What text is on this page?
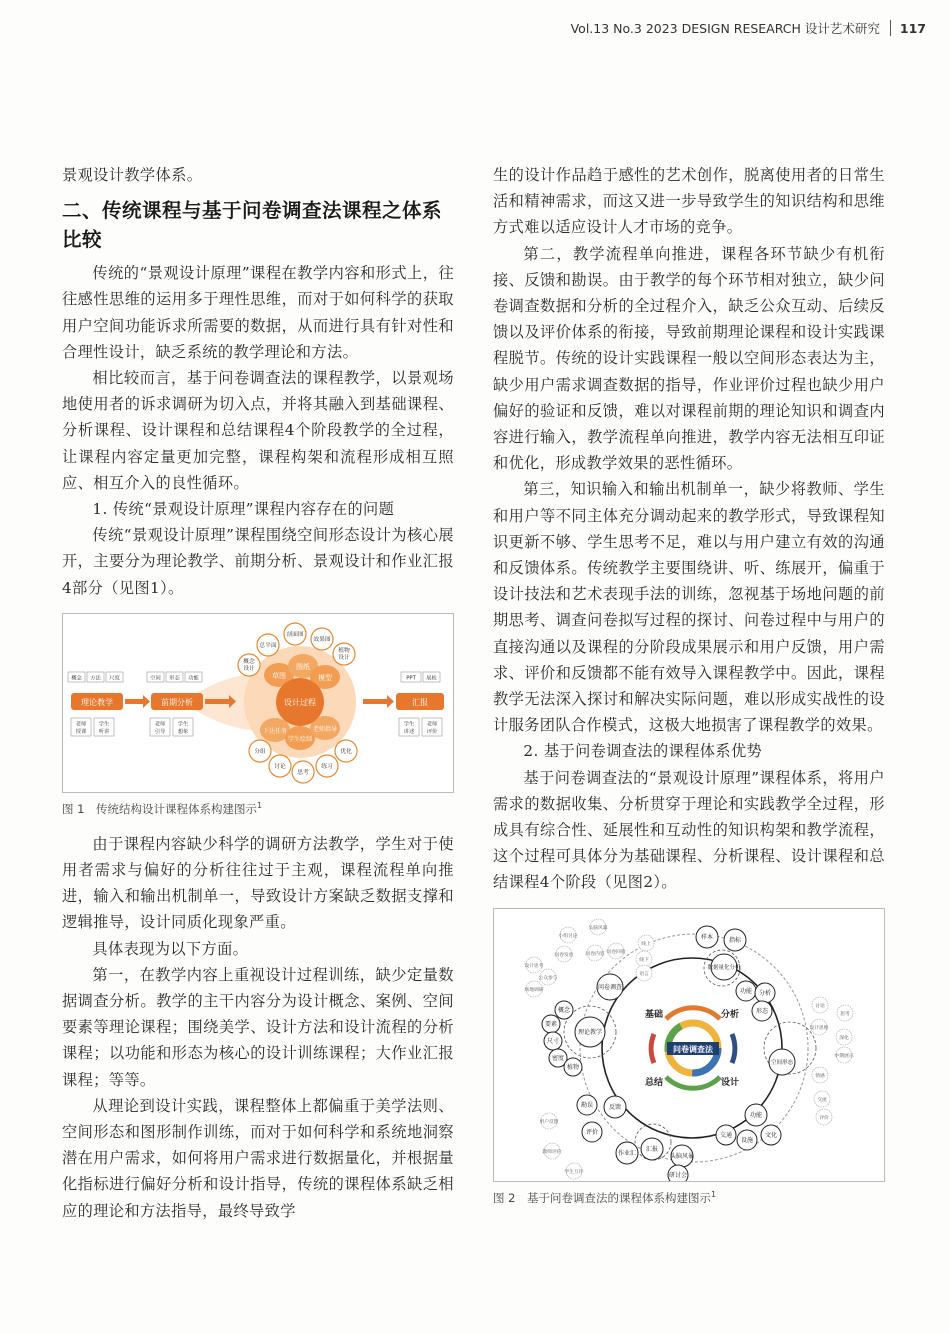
Vol.13 No.3 2023 DESIGN RESEARCH 设计艺术研究 117

景观设计教学体系。

二、传统课程与基于问卷调查法课程之体系比较

传统的“景观设计原理”课程在教学内容和形式上，往往感性思维的运用多于理性思维，而对于如何科学的获取用户空间功能诉求所需要的数据，从而进行具有针对性和合理性设计，缺乏系统的教学理论和方法。

相比较而言，基于问卷调查法的课程教学，以景观场地使用者的诉求调研为切入点，并将其融入到基础课程、分析课程、设计课程和总结课程4个阶段教学的全过程，让课程内容定量更加完整，课程构架和流程形成相互照应、相互介入的良性循环。

1. 传统“景观设计原理”课程内容存在的问题

传统“景观设计原理”课程围绕空间形态设计为核心展开，主要分为理论教学、前期分析、景观设计和作业汇报4部分（见图1）。

草图
图纸
模型
下达任务
学生绘制
老师指导
设计过程
总平面
剖面图
效果图
植物
设计
概念
设计
分组
讨论
思考
练习
优化
理论教学	前期分析	汇报
概念 方法 尺度	空间 形态 功能	PPT 展板
老师
授课
学生
听讲
老师
引导
学生
想象
学生
讲述
老师
评价
图 1　传统结构设计课程体系构建图示$^1$

由于课程内容缺少科学的调研方法教学，学生对于使用者需求与偏好的分析往往过于主观，课程流程单向推进，输入和输出机制单一，导致设计方案缺乏数据支撑和逻辑推导，设计同质化现象严重。

具体表现为以下方面。

第一，在教学内容上重视设计过程训练，缺少定量数据调查分析。教学的主干内容分为设计概念、案例、空间要素等理论课程；围绕美学、设计方法和设计流程的分析课程；以功能和形态为核心的设计训练课程；大作业汇报课程；等等。

从理论到设计实践，课程整体上都偏重于美学法则、空间形态和图形制作训练，而对于如何科学和系统地洞察潜在用户需求，如何将用户需求进行数据量化，并根据量化指标进行偏好分析和设计指导，传统的课程体系缺乏相应的理论和方法指导，最终导致学

生的设计作品趋于感性的艺术创作，脱离使用者的日常生活和精神需求，而这又进一步导致学生的知识结构和思维方式难以适应设计人才市场的竞争。

第二，教学流程单向推进，课程各环节缺少有机衔接、反馈和勘误。由于教学的每个环节相对独立，缺少问卷调查数据和分析的全过程介入，缺乏公众互动、后续反馈以及评价体系的衔接，导致前期理论课程和设计实践课程脱节。传统的设计实践课程一般以空间形态表达为主，缺少用户需求调查数据的指导，作业评价过程也缺少用户偏好的验证和反馈，难以对课程前期的理论知识和调查内容进行输入，教学流程单向推进，教学内容无法相互印证和优化，形成教学效果的恶性循环。

第三，知识输入和输出机制单一，缺少将教师、学生和用户等不同主体充分调动起来的教学形式，导致课程知识更新不够、学生思考不足，难以与用户建立有效的沟通和反馈体系。传统教学主要围绕讲、听、练展开，偏重于设计技法和艺术表现手法的训练，忽视基于场地问题的前期思考、调查问卷拟写过程的探讨、问卷过程中与用户的直接沟通以及课程的分阶段成果展示和用户反馈，用户需求、评价和反馈都不能有效导入课程教学中。因此，课程教学无法深入探讨和解决实际问题，难以形成实战性的设计服务团队合作模式，这极大地损害了课程教学的效果。

2. 基于问卷调查法的课程体系优势

基于问卷调查法的“景观设计原理”课程体系，将用户需求的数据收集、分析贯穿于理论和实践教学全过程，形成具有综合性、延展性和互动性的知识构架和教学流程，这个过程可具体分为基础课程、分析课程、设计课程和总结课程4个阶段（见图2）。

问卷调查法
基础	分析
设计
总结
问卷调查
理论教学
样本	指标
数据量化分析
功能 分析
形态
空间形态
功能
汇报
作业汇
研讨会
头脑风暴
反馈
评价
勘误
概念
要素
尺寸
密度
植物
交通
设施
文化
小组讨论
头脑风暴
问卷发放
问卷回收
线上
线下
设计思考
问卷内容
语言
讨论
思考
设计思维
深化
中期展示
交流
评价
用户反馈
教师评价
学生互评
场地调研
公众参与
情感
图 2　基于问卷调查法的课程体系构建图示$^1$
